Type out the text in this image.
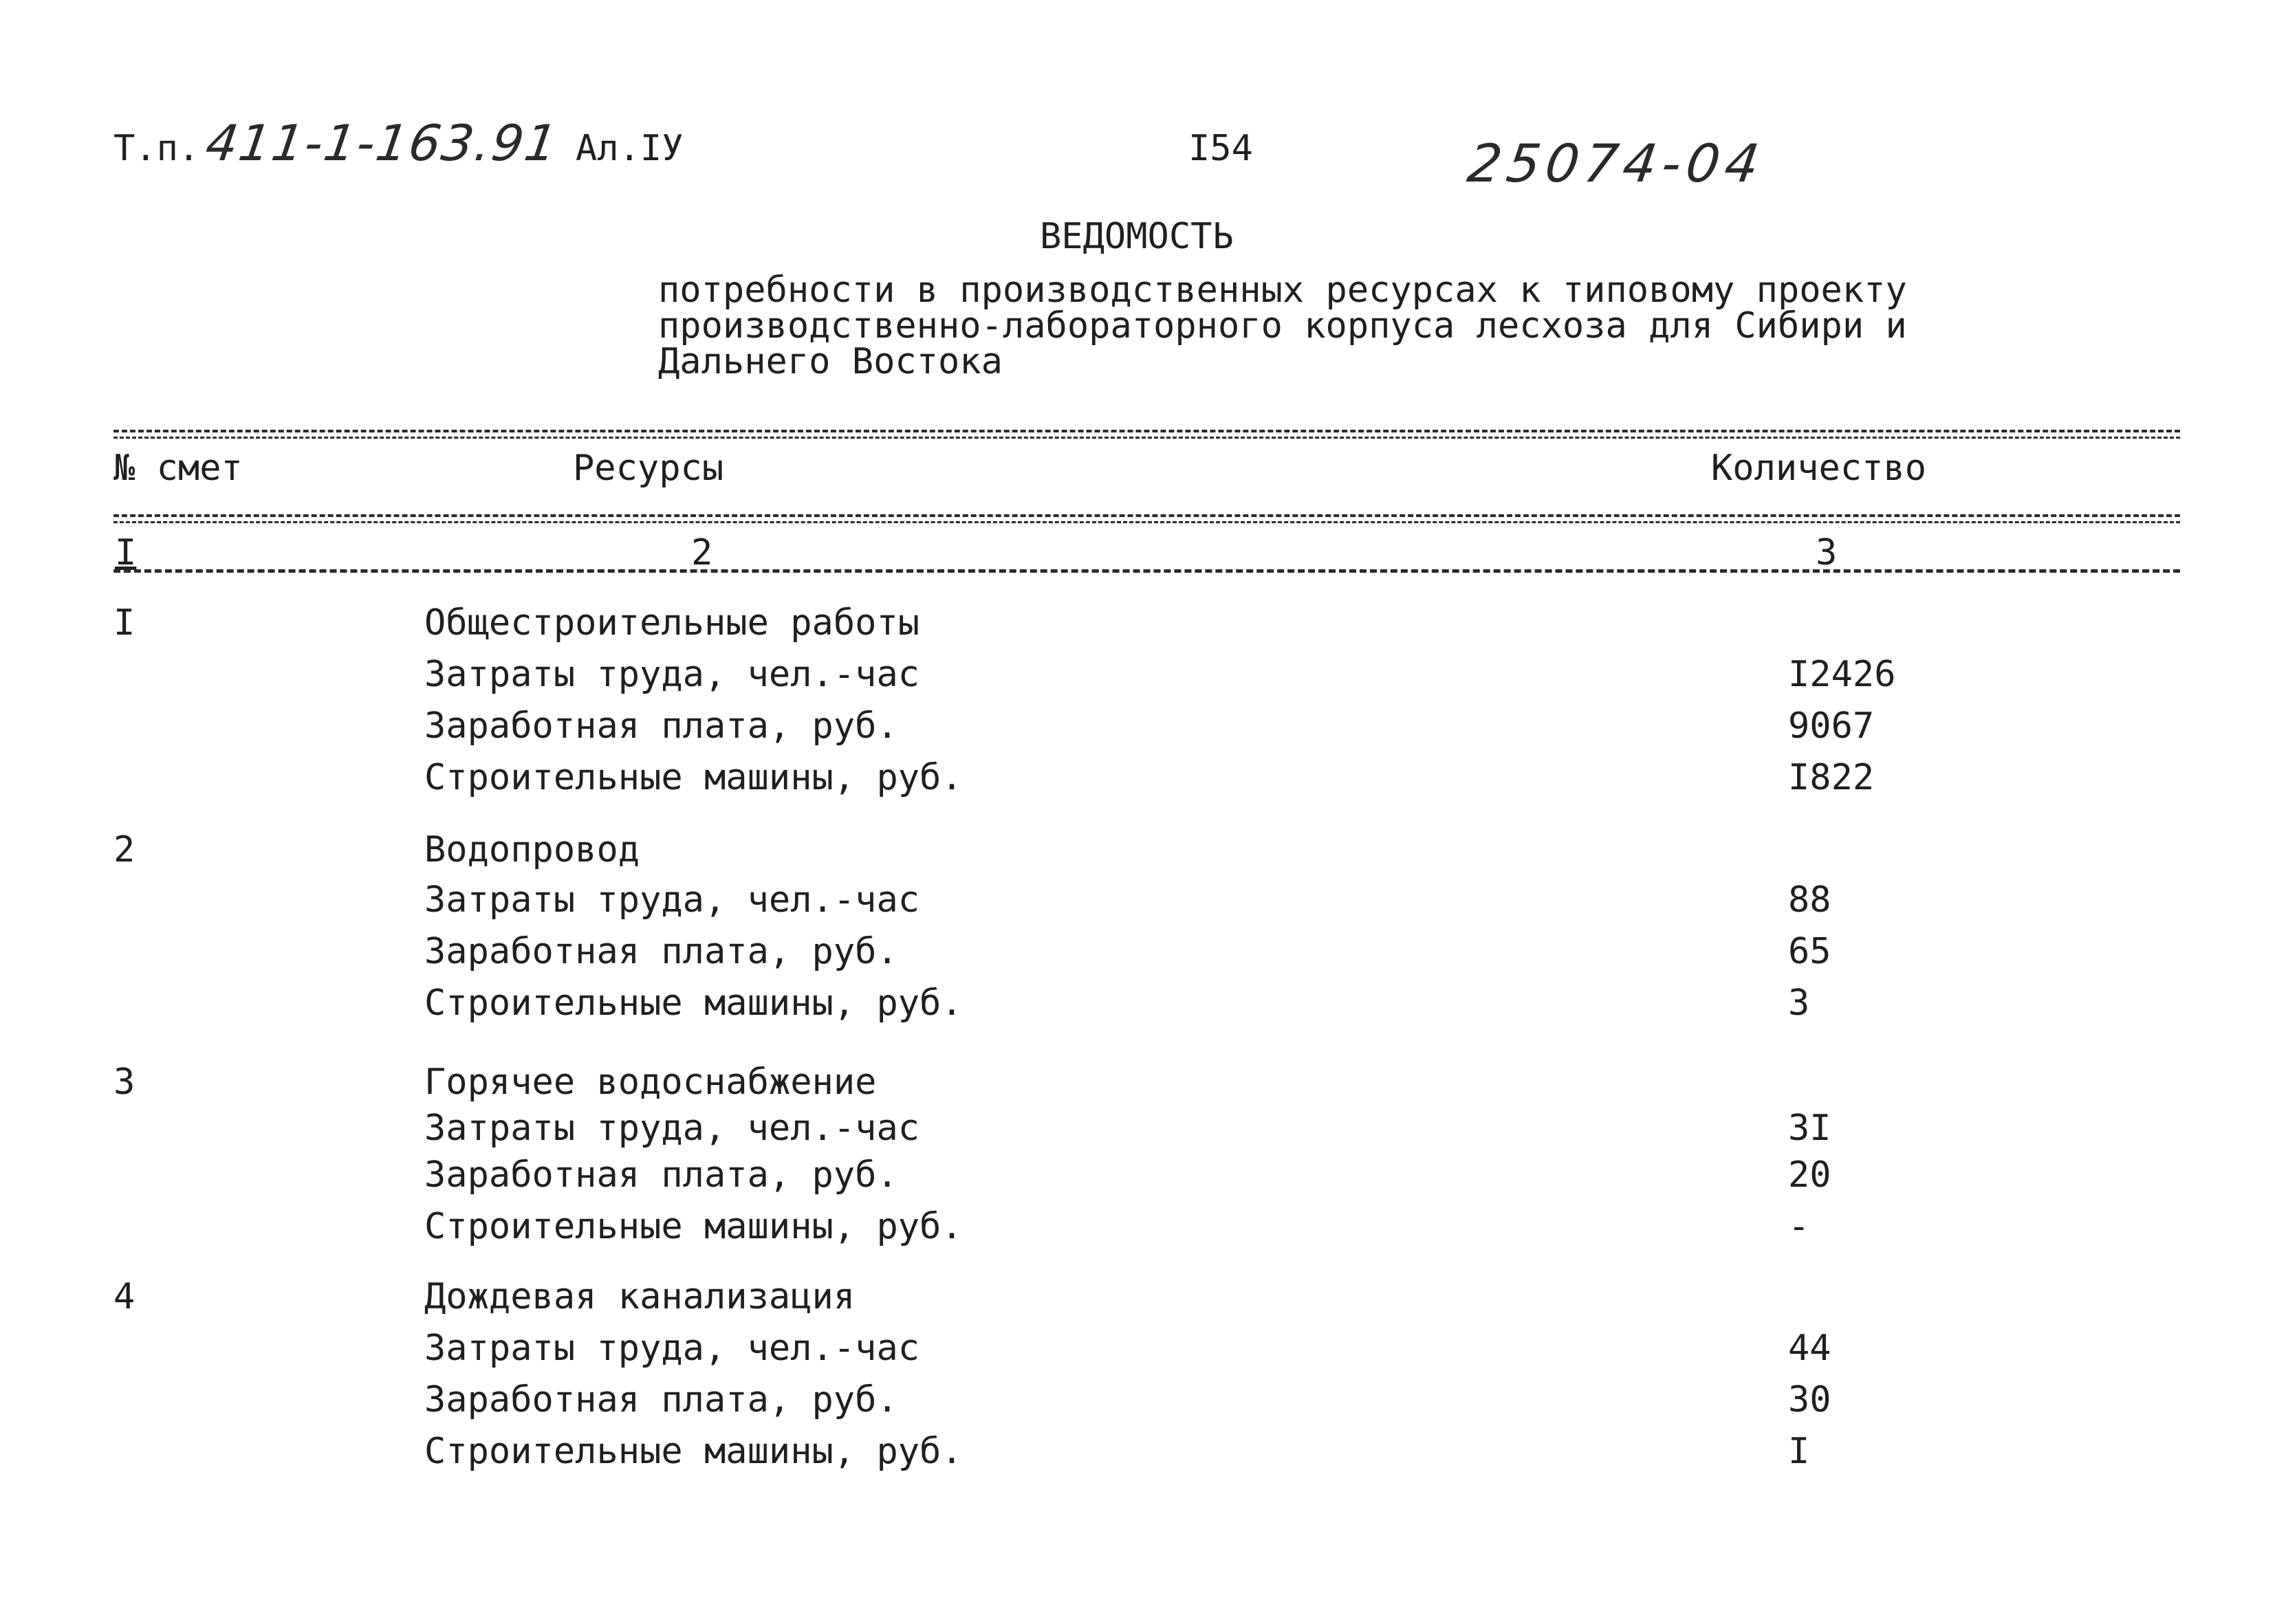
Т.п. 411-1-163.91 Ал.IУ	I54	25074-04
ВЕДОМОСТЬ
потребности в производственных ресурсах к типовому проекту
производственно-лабораторного корпуса лесхоза для Сибири и
Дальнего Востока
№ смет	Ресурсы	Количество
I	2	3
I	Общестроительные работы
Затраты труда, чел.-час	I2426
Заработная плата, руб.	9067
Строительные машины, руб.	I822
2	Водопровод
Затраты труда, чел.-час	88
Заработная плата, руб.	65
Строительные машины, руб.	3
3	Горячее водоснабжение
Затраты труда, чел.-час	3I
Заработная плата, руб.	20
Строительные машины, руб.	-
4	Дождевая канализация
Затраты труда, чел.-час	44
Заработная плата, руб.	30
Строительные машины, руб.	I
